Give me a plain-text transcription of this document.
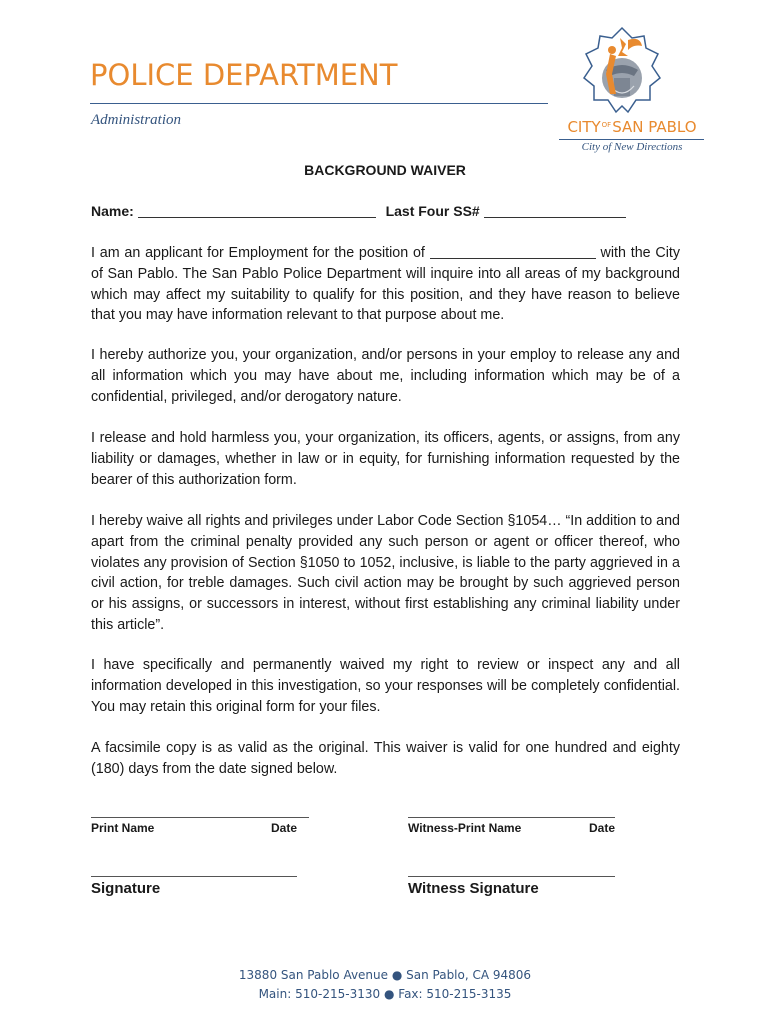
POLICE DEPARTMENT
Administration	$CITY^{OF}SAN$ PABLO
City of New Directions
BACKGROUND WAIVER
Name:	Last Four SS#
I am an applicant for Employment for the position of	with the City of San Pablo. The San Pablo Police Department will inquire into all areas of my background which may affect my suitability to qualify for this position, and they have reason to believe that you may have information relevant to that purpose about me.
I hereby authorize you, your organization, and/or persons in your employ to release any and all information which you may have about me, including information which may be of a confidential, privileged, and/or derogatory nature.
I release and hold harmless you, your organization, its officers, agents, or assigns, from any liability or damages, whether in law or in equity, for furnishing information requested by the bearer of this authorization form.
I hereby waive all rights and privileges under Labor Code Section §1054… “In addition to and apart from the criminal penalty provided any such person or agent or officer thereof, who violates any provision of Section §1050 to 1052, inclusive, is liable to the party aggrieved in a civil action, for treble damages. Such civil action may be brought by such aggrieved person or his assigns, or successors in interest, without first establishing any criminal liability under this article”.
I have specifically and permanently waived my right to review or inspect any and all information developed in this investigation, so your responses will be completely confidential. You may retain this original form for your files.
A facsimile copy is as valid as the original. This waiver is valid for one hundred and eighty (180) days from the date signed below.
Print Name	Date	Witness-Print Name	Date
Signature	Witness Signature
13880 San Pablo Avenue ● San Pablo, CA 94806
Main: 510-215-3130 ● Fax: 510-215-3135
